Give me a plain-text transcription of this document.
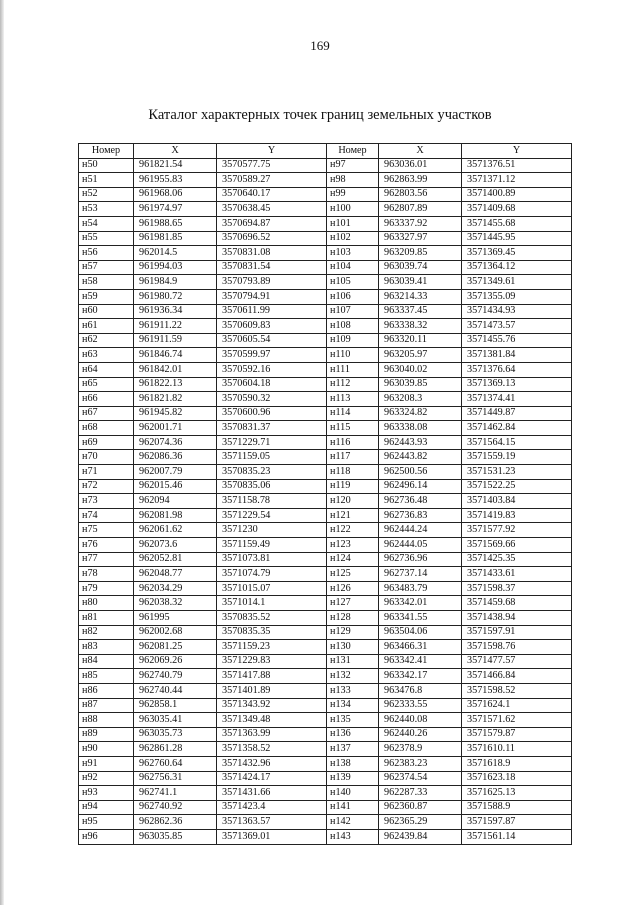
169
Каталог характерных точек границ земельных участков
Номер	X	Y	Номер	X	Y
н50	961821.54	3570577.75	н97	963036.01	3571376.51
н51	961955.83	3570589.27	н98	962863.99	3571371.12
н52	961968.06	3570640.17	н99	962803.56	3571400.89
н53	961974.97	3570638.45	н100	962807.89	3571409.68
н54	961988.65	3570694.87	н101	963337.92	3571455.68
н55	961981.85	3570696.52	н102	963327.97	3571445.95
н56	962014.5	3570831.08	н103	963209.85	3571369.45
н57	961994.03	3570831.54	н104	963039.74	3571364.12
н58	961984.9	3570793.89	н105	963039.41	3571349.61
н59	961980.72	3570794.91	н106	963214.33	3571355.09
н60	961936.34	3570611.99	н107	963337.45	3571434.93
н61	961911.22	3570609.83	н108	963338.32	3571473.57
н62	961911.59	3570605.54	н109	963320.11	3571455.76
н63	961846.74	3570599.97	н110	963205.97	3571381.84
н64	961842.01	3570592.16	н111	963040.02	3571376.64
н65	961822.13	3570604.18	н112	963039.85	3571369.13
н66	961821.82	3570590.32	н113	963208.3	3571374.41
н67	961945.82	3570600.96	н114	963324.82	3571449.87
н68	962001.71	3570831.37	н115	963338.08	3571462.84
н69	962074.36	3571229.71	н116	962443.93	3571564.15
н70	962086.36	3571159.05	н117	962443.82	3571559.19
н71	962007.79	3570835.23	н118	962500.56	3571531.23
н72	962015.46	3570835.06	н119	962496.14	3571522.25
н73	962094	3571158.78	н120	962736.48	3571403.84
н74	962081.98	3571229.54	н121	962736.83	3571419.83
н75	962061.62	3571230	н122	962444.24	3571577.92
н76	962073.6	3571159.49	н123	962444.05	3571569.66
н77	962052.81	3571073.81	н124	962736.96	3571425.35
н78	962048.77	3571074.79	н125	962737.14	3571433.61
н79	962034.29	3571015.07	н126	963483.79	3571598.37
н80	962038.32	3571014.1	н127	963342.01	3571459.68
н81	961995	3570835.52	н128	963341.55	3571438.94
н82	962002.68	3570835.35	н129	963504.06	3571597.91
н83	962081.25	3571159.23	н130	963466.31	3571598.76
н84	962069.26	3571229.83	н131	963342.41	3571477.57
н85	962740.79	3571417.88	н132	963342.17	3571466.84
н86	962740.44	3571401.89	н133	963476.8	3571598.52
н87	962858.1	3571343.92	н134	962333.55	3571624.1
н88	963035.41	3571349.48	н135	962440.08	3571571.62
н89	963035.73	3571363.99	н136	962440.26	3571579.87
н90	962861.28	3571358.52	н137	962378.9	3571610.11
н91	962760.64	3571432.96	н138	962383.23	3571618.9
н92	962756.31	3571424.17	н139	962374.54	3571623.18
н93	962741.1	3571431.66	н140	962287.33	3571625.13
н94	962740.92	3571423.4	н141	962360.87	3571588.9
н95	962862.36	3571363.57	н142	962365.29	3571597.87
н96	963035.85	3571369.01	н143	962439.84	3571561.14
